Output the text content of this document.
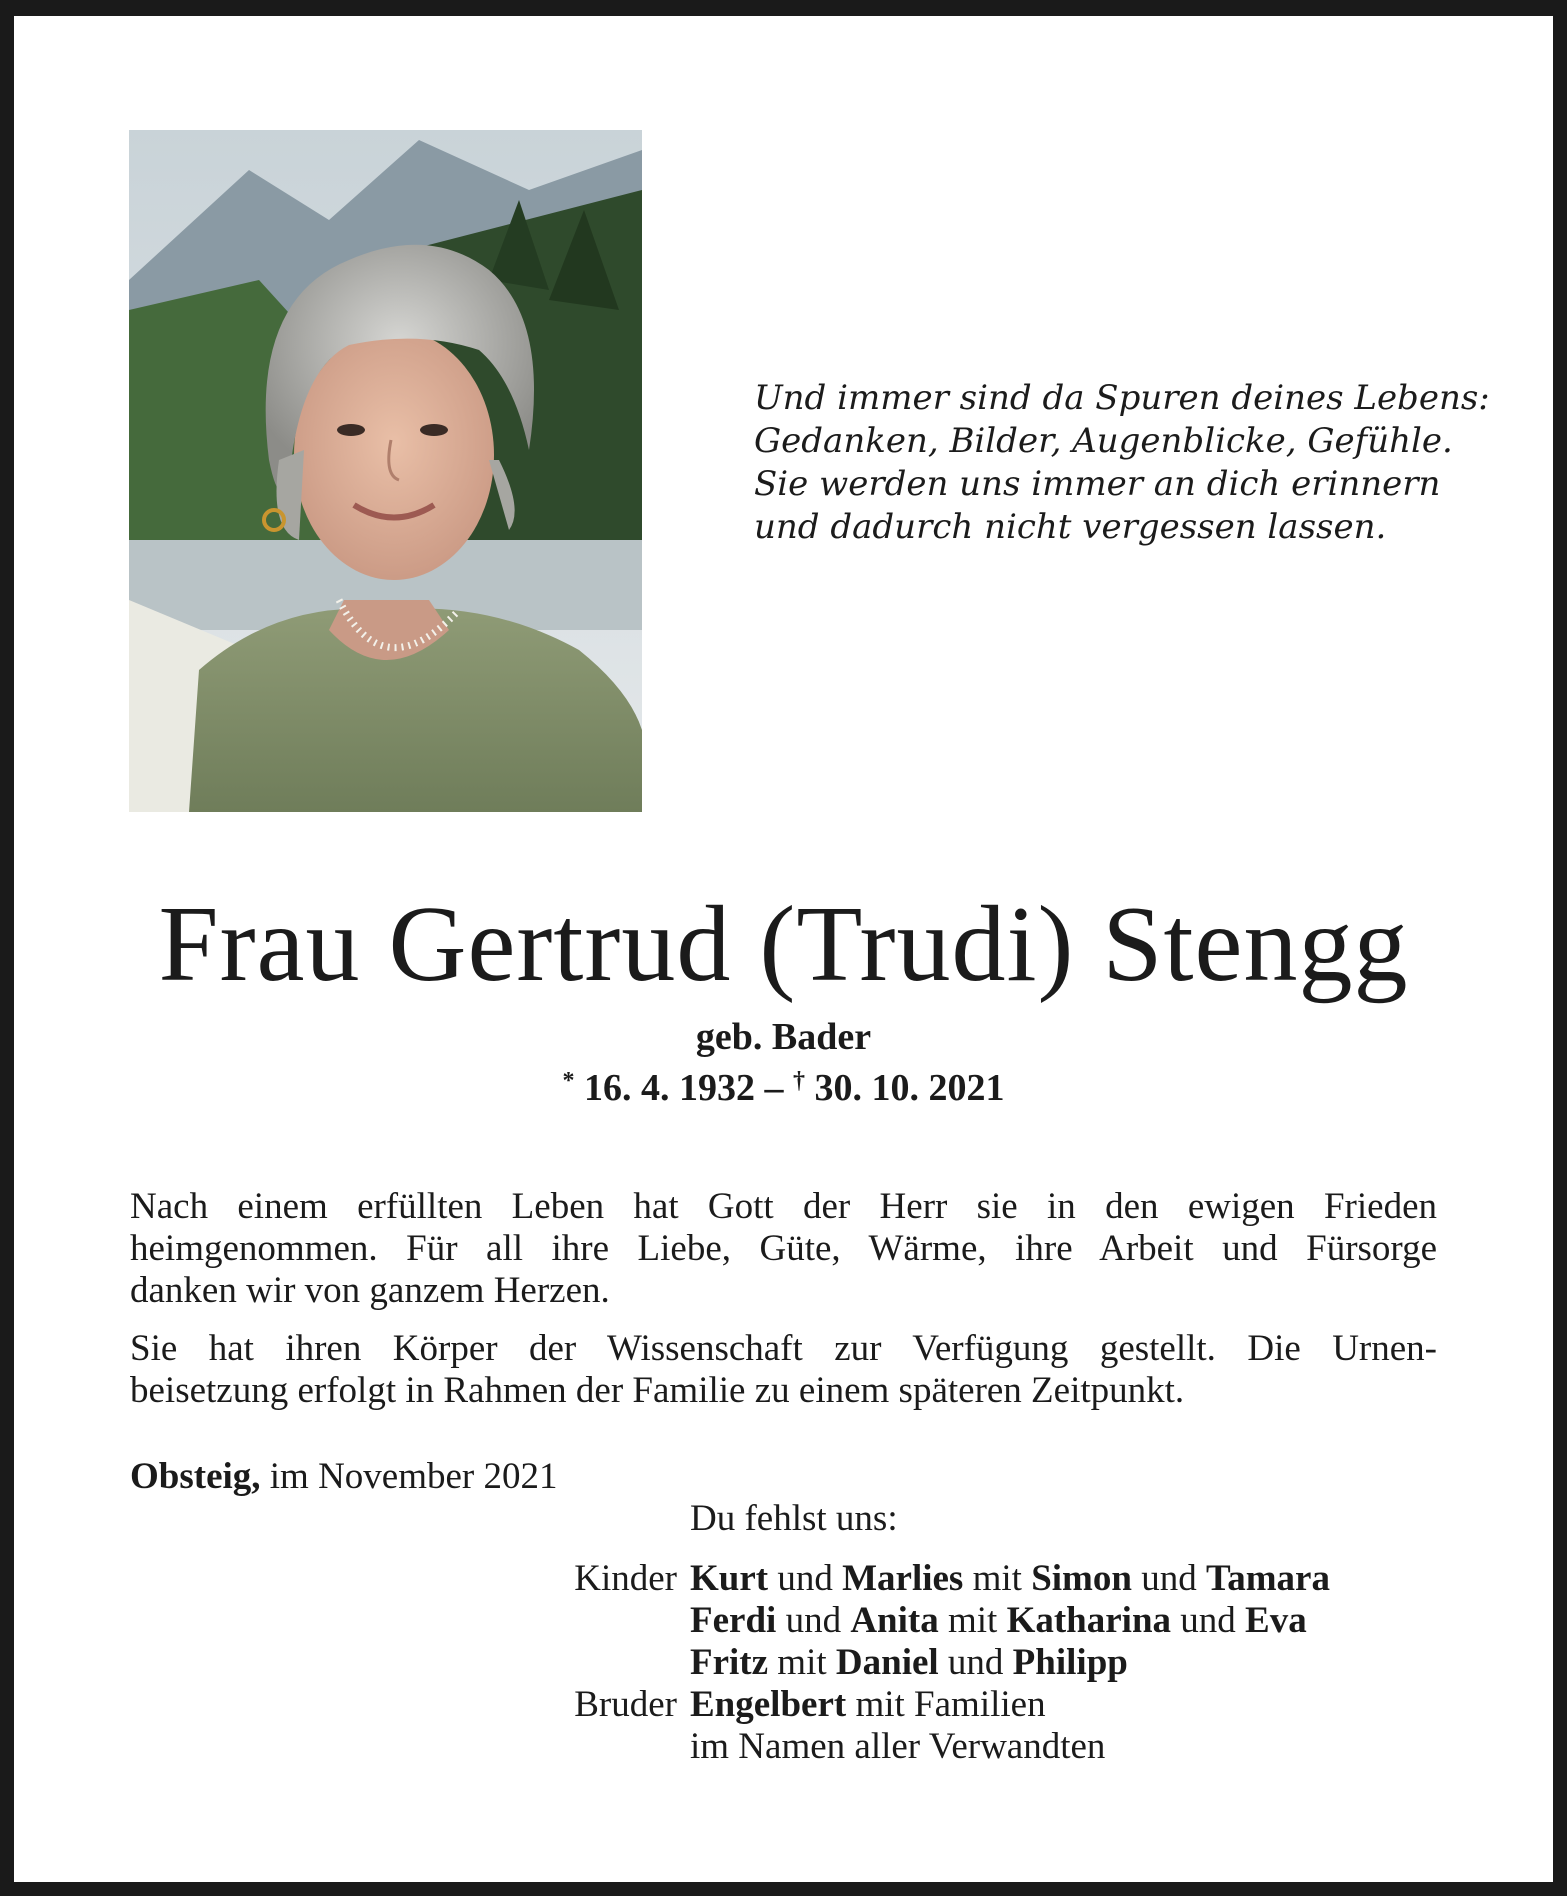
Und immer sind da Spuren deines Lebens:
Gedanken, Bilder, Augenblicke, Gefühle.
Sie werden uns immer an dich erinnern
und dadurch nicht vergessen lassen.
Frau Gertrud (Trudi) Stengg
geb. Bader
* 16. 4. 1932 – † 30. 10. 2021
Nach einem erfüllten Leben hat Gott der Herr sie in den ewigen Frieden
heimgenommen. Für all ihre Liebe, Güte, Wärme, ihre Arbeit und Fürsorge
danken wir von ganzem Herzen.
Sie hat ihren Körper der Wissenschaft zur Verfügung gestellt. Die Urnen-
beisetzung erfolgt in Rahmen der Familie zu einem späteren Zeitpunkt.
Obsteig, im November 2021
Du fehlst uns:
Kinder Kurt und Marlies mit Simon und Tamara
Ferdi und Anita mit Katharina und Eva
Fritz mit Daniel und Philipp
Bruder Engelbert mit Familien
im Namen aller Verwandten
